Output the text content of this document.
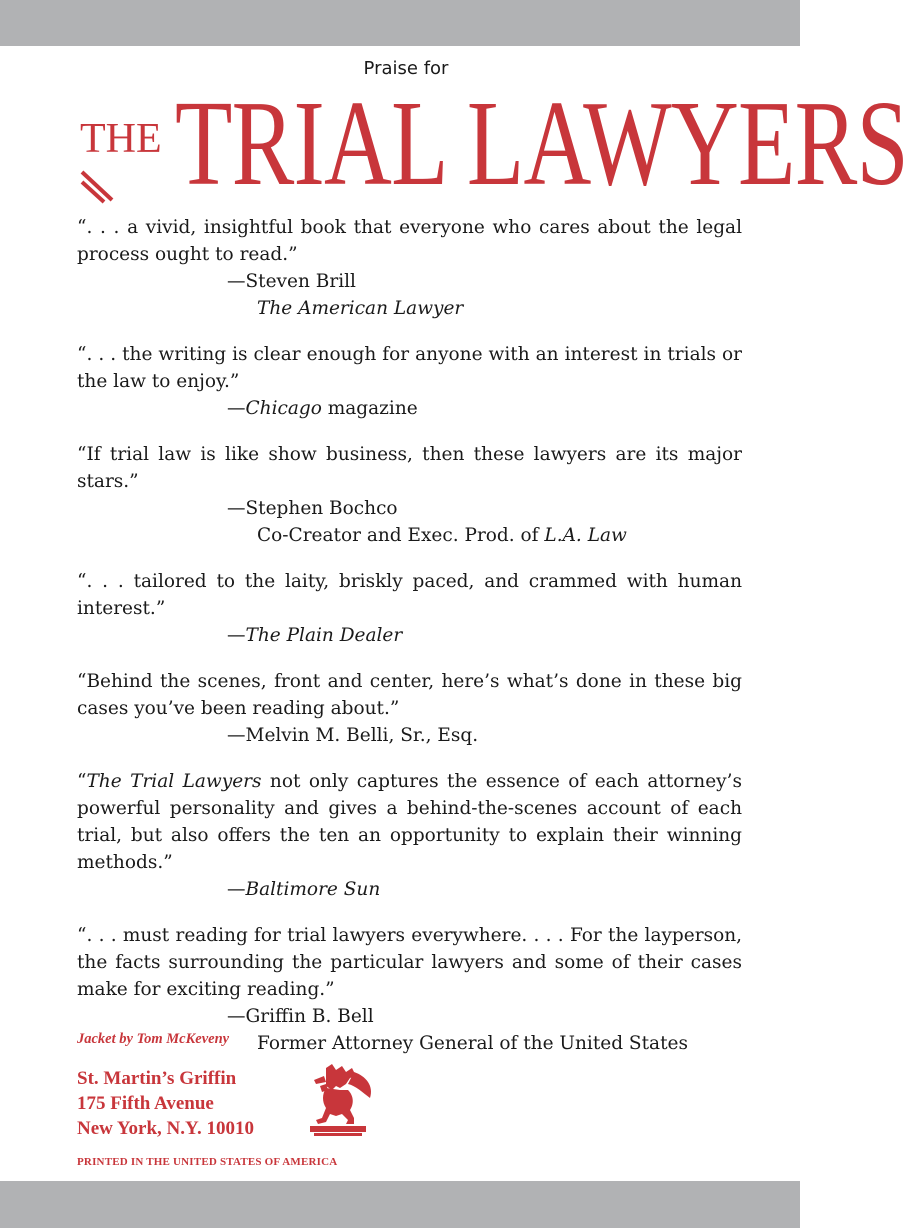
Praise for
THE TRIAL LAWYERS
“. . . a vivid, insightful book that everyone who cares about the legal process ought to read.”
—Steven Brill
The American Lawyer
“. . . the writing is clear enough for anyone with an interest in trials or the law to enjoy.”
—Chicago magazine
“If trial law is like show business, then these lawyers are its major stars.”
—Stephen Bochco
Co-Creator and Exec. Prod. of L.A. Law
“. . . tailored to the laity, briskly paced, and crammed with human interest.”
—The Plain Dealer
“Behind the scenes, front and center, here’s what’s done in these big cases you’ve been reading about.”
—Melvin M. Belli, Sr., Esq.
“The Trial Lawyers not only captures the essence of each attorney’s powerful personality and gives a behind-the-scenes account of each trial, but also offers the ten an opportunity to explain their winning methods.”
—Baltimore Sun
“. . . must reading for trial lawyers everywhere. . . . For the layperson, the facts surrounding the particular lawyers and some of their cases make for exciting reading.”
—Griffin B. Bell
Former Attorney General of the United States
Jacket by Tom McKeveny
St. Martin’s Griffin
175 Fifth Avenue
New York, N.Y. 10010
PRINTED IN THE UNITED STATES OF AMERICA
